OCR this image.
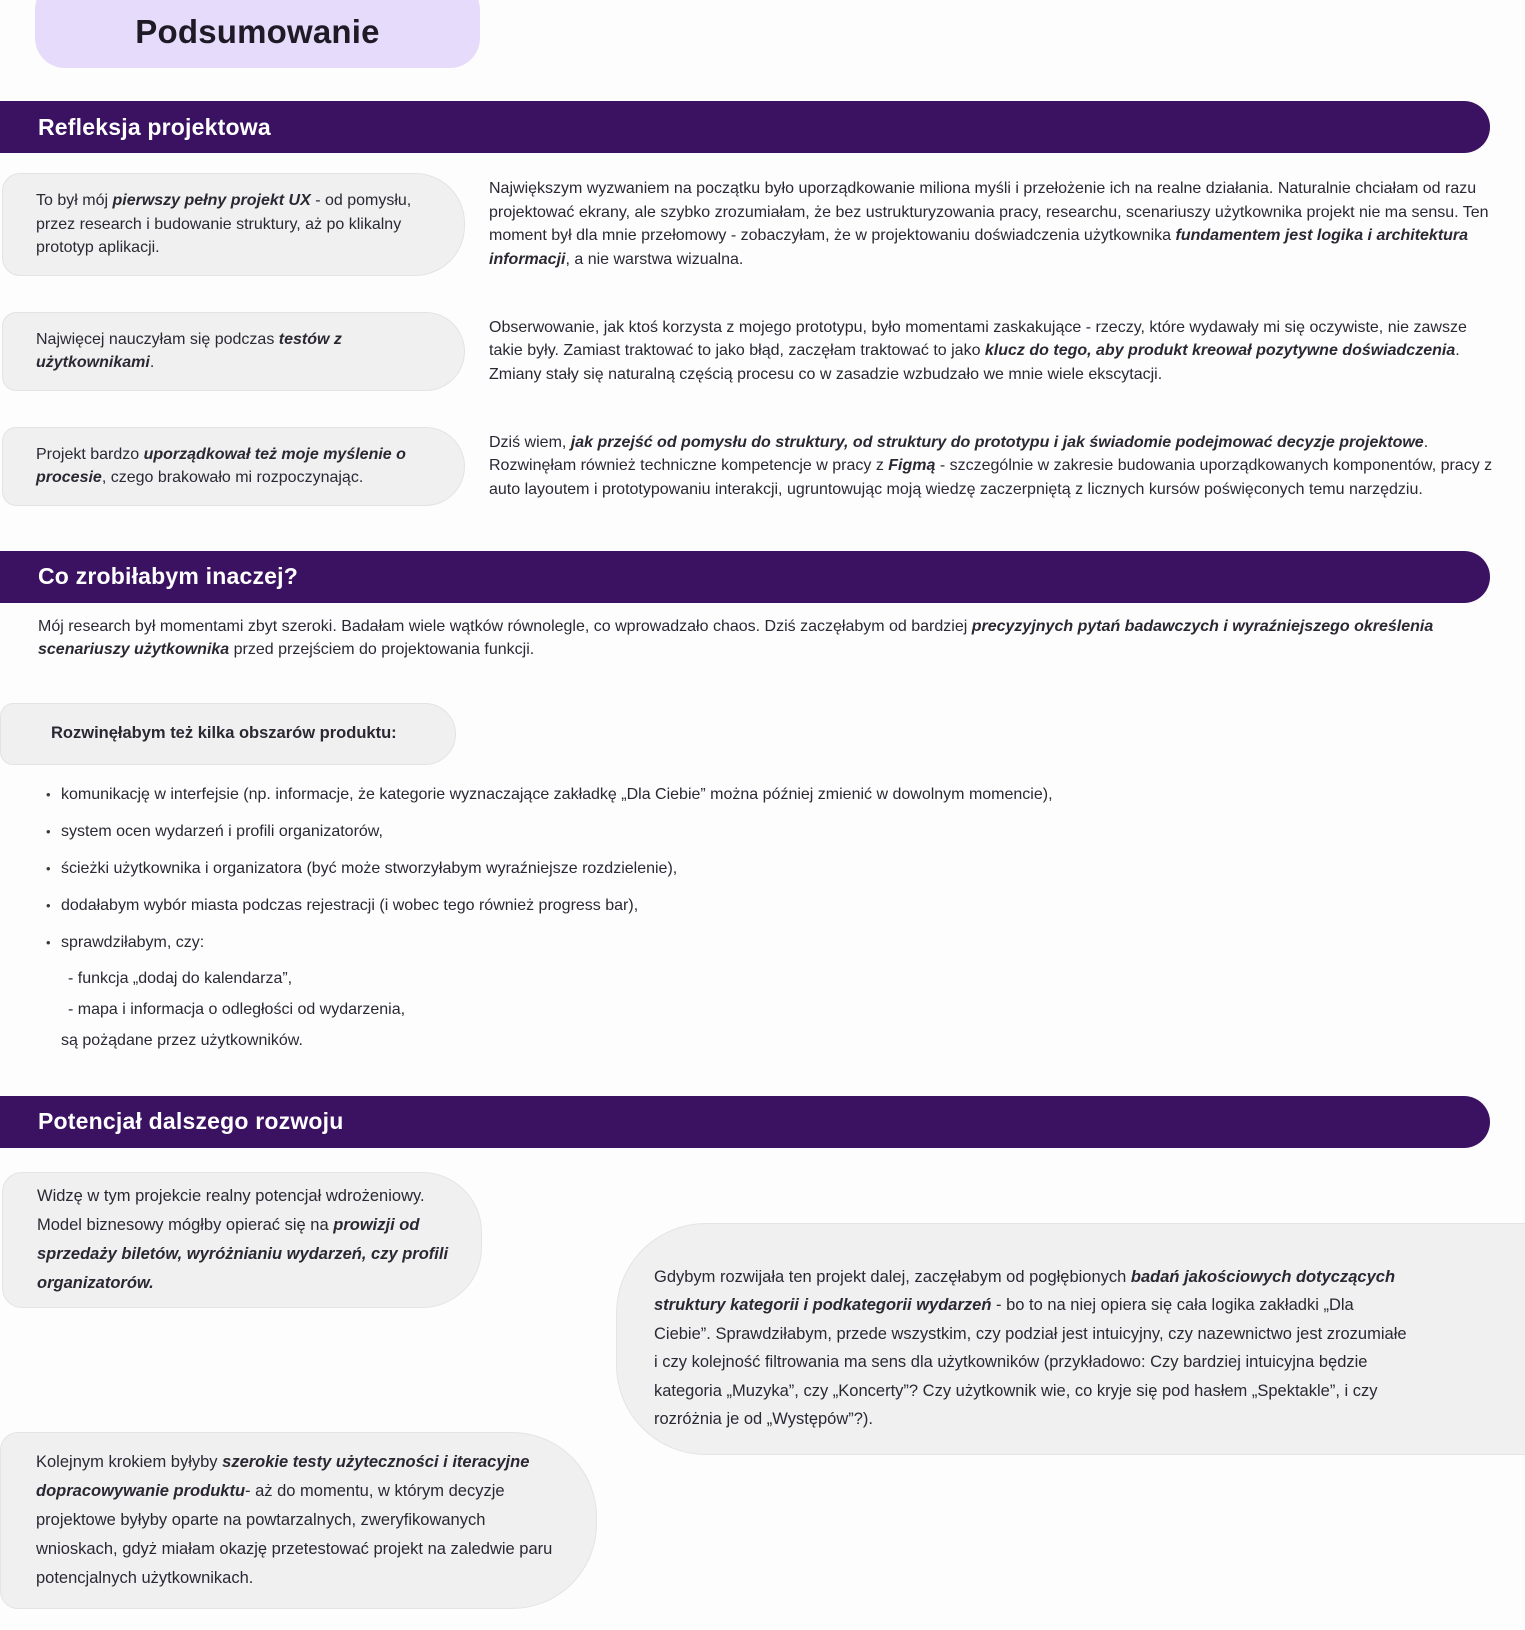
Podsumowanie
Refleksja projektowa
To był mój pierwszy pełny projekt UX - od pomysłu, przez research i budowanie struktury, aż po klikalny prototyp aplikacji.
Największym wyzwaniem na początku było uporządkowanie miliona myśli i przełożenie ich na realne działania. Naturalnie chciałam od razu projektować ekrany, ale szybko zrozumiałam, że bez ustrukturyzowania pracy, researchu, scenariuszy użytkownika projekt nie ma sensu. Ten moment był dla mnie przełomowy - zobaczyłam, że w projektowaniu doświadczenia użytkownika fundamentem jest logika i architektura informacji, a nie warstwa wizualna.
Najwięcej nauczyłam się podczas testów z użytkownikami.
Obserwowanie, jak ktoś korzysta z mojego prototypu, było momentami zaskakujące - rzeczy, które wydawały mi się oczywiste, nie zawsze takie były. Zamiast traktować to jako błąd, zaczęłam traktować to jako klucz do tego, aby produkt kreował pozytywne doświadczenia. Zmiany stały się naturalną częścią procesu co w zasadzie wzbudzało we mnie wiele ekscytacji.
Projekt bardzo uporządkował też moje myślenie o procesie, czego brakowało mi rozpoczynając.
Dziś wiem, jak przejść od pomysłu do struktury, od struktury do prototypu i jak świadomie podejmować decyzje projektowe. Rozwinęłam również techniczne kompetencje w pracy z Figmą - szczególnie w zakresie budowania uporządkowanych komponentów, pracy z auto layoutem i prototypowaniu interakcji, ugruntowując moją wiedzę zaczerpniętą z licznych kursów poświęconych temu narzędziu.
Co zrobiłabym inaczej?
Mój research był momentami zbyt szeroki. Badałam wiele wątków równolegle, co wprowadzało chaos. Dziś zaczęłabym od bardziej precyzyjnych pytań badawczych i wyraźniejszego określenia scenariuszy użytkownika przed przejściem do projektowania funkcji.
Rozwinęłabym też kilka obszarów produktu:
• komunikację w interfejsie (np. informacje, że kategorie wyznaczające zakładkę „Dla Ciebie” można później zmienić w dowolnym momencie),
• system ocen wydarzeń i profili organizatorów,
• ścieżki użytkownika i organizatora (być może stworzyłabym wyraźniejsze rozdzielenie),
• dodałabym wybór miasta podczas rejestracji (i wobec tego również progress bar),
• sprawdziłabym, czy:
- funkcja „dodaj do kalendarza”,
- mapa i informacja o odległości od wydarzenia,
są pożądane przez użytkowników.
Potencjał dalszego rozwoju
Widzę w tym projekcie realny potencjał wdrożeniowy. Model biznesowy mógłby opierać się na prowizji od sprzedaży biletów, wyróżnianiu wydarzeń, czy profili organizatorów.	Gdybym rozwijała ten projekt dalej, zaczęłabym od pogłębionych badań jakościowych dotyczących struktury kategorii i podkategorii wydarzeń - bo to na niej opiera się cała logika zakładki „Dla Ciebie”. Sprawdziłabym, przede wszystkim, czy podział jest intuicyjny, czy nazewnictwo jest zrozumiałe i czy kolejność filtrowania ma sens dla użytkowników (przykładowo: Czy bardziej intuicyjna będzie kategoria „Muzyka”, czy „Koncerty”? Czy użytkownik wie, co kryje się pod hasłem „Spektakle”, i czy rozróżnia je od „Występów”?).
Kolejnym krokiem byłyby szerokie testy użyteczności i iteracyjne dopracowywanie produktu- aż do momentu, w którym decyzje projektowe byłyby oparte na powtarzalnych, zweryfikowanych wnioskach, gdyż miałam okazję przetestować projekt na zaledwie paru potencjalnych użytkownikach.
